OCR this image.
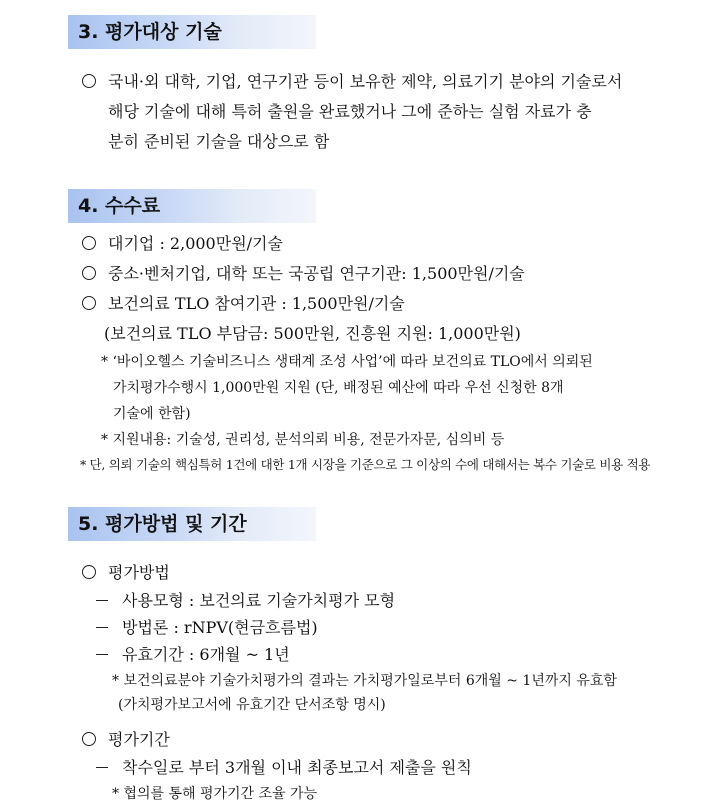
3. 평가대상 기술
국내·외 대학, 기업, 연구기관 등이 보유한 제약, 의료기기 분야의 기술로서
해당 기술에 대해 특허 출원을 완료했거나 그에 준하는 실험 자료가 충
분히 준비된 기술을 대상으로 함
4. 수수료
대기업 : 2,000만원/기술
중소·벤처기업, 대학 또는 국공립 연구기관: 1,500만원/기술
보건의료 TLO 참여기관 : 1,500만원/기술
(보건의료 TLO 부담금: 500만원, 진흥원 지원: 1,000만원)
* ‘바이오헬스 기술비즈니스 생태계 조성 사업’에 따라 보건의료 TLO에서 의뢰된
가치평가수행시 1,000만원 지원 (단, 배정된 예산에 따라 우선 신청한 8개
기술에 한함)
* 지원내용: 기술성, 권리성, 분석의뢰 비용, 전문가자문, 심의비 등
* 단, 의뢰 기술의 핵심특허 1건에 대한 1개 시장을 기준으로 그 이상의 수에 대해서는 복수 기술로 비용 적용
5. 평가방법 및 기간
평가방법
사용모형 : 보건의료 기술가치평가 모형
방법론 : rNPV(현금흐름법)
유효기간 : 6개월 ~ 1년
* 보건의료분야 기술가치평가의 결과는 가치평가일로부터 6개월 ~ 1년까지 유효함
(가치평가보고서에 유효기간 단서조항 명시)
평가기간
착수일로 부터 3개월 이내 최종보고서 제출을 원칙
* 협의를 통해 평가기간 조율 가능
